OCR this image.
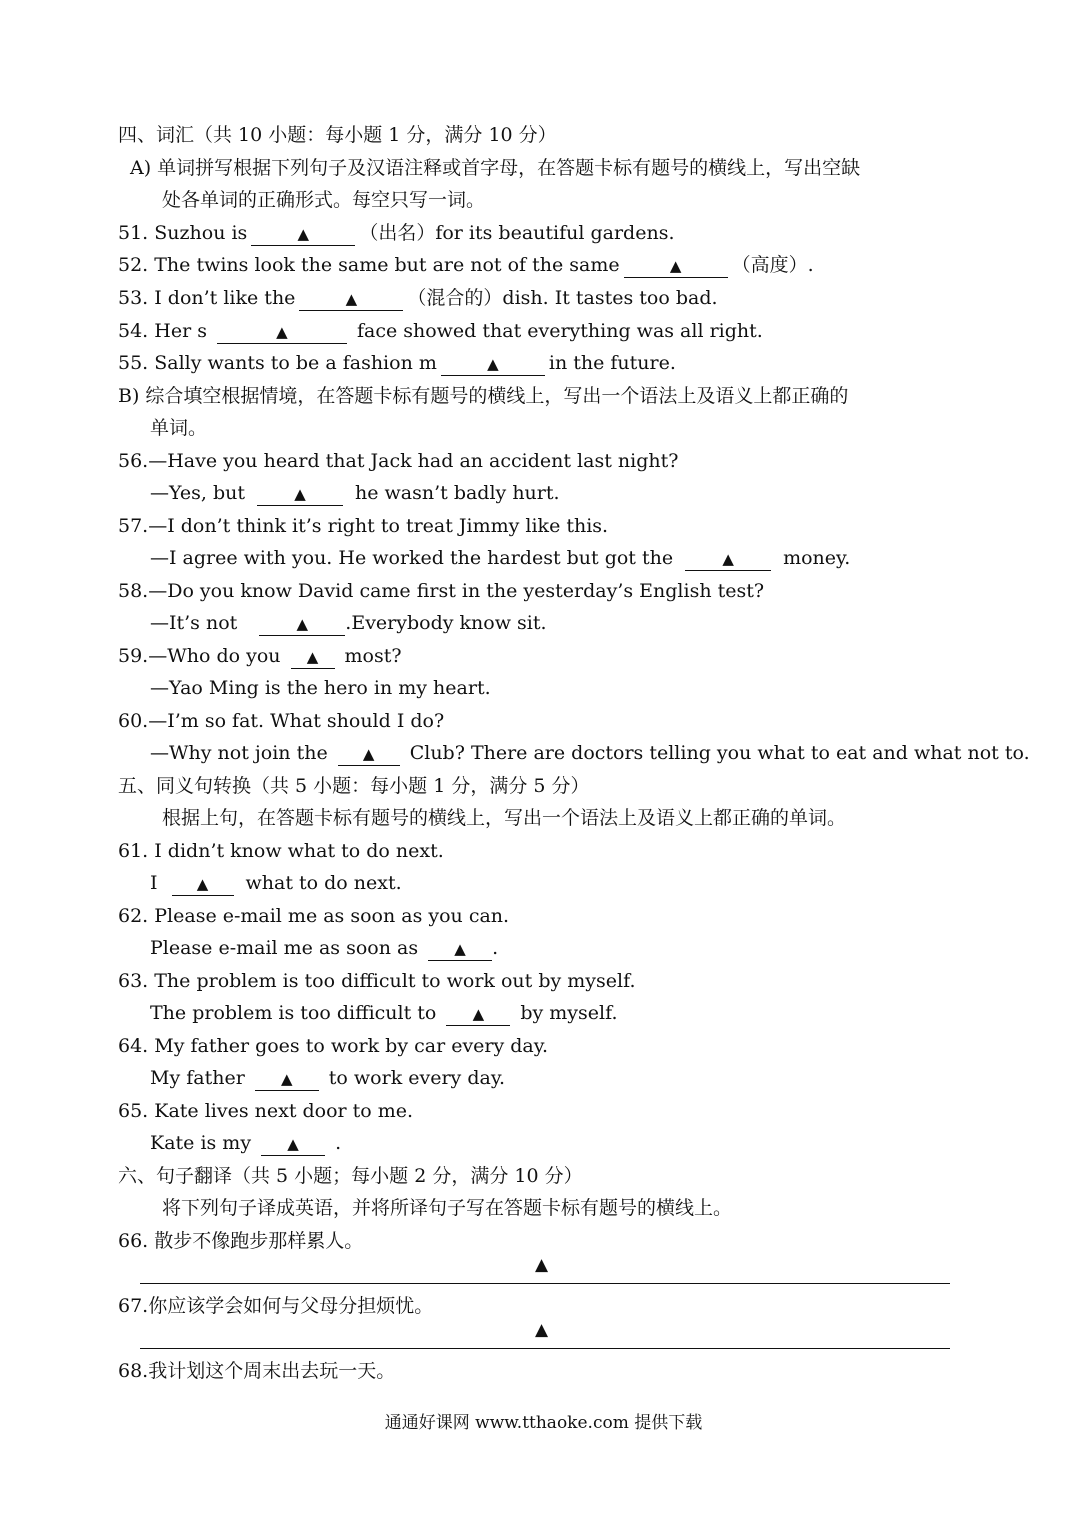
四、词汇（共 10 小题：每小题 1 分，满分 10 分）
A) 单词拼写根据下列句子及汉语注释或首字母，在答题卡标有题号的横线上，写出空缺
处各单词的正确形式。每空只写一词。
51. Suzhou is	▲	（出名）for its beautiful gardens.
52. The twins look the same but are not of the same	▲	（高度）.
53. I don’t like the	▲	（混合的）dish. It tastes too bad.
54. Her s	▲	face showed that everything was all right.
55. Sally wants to be a fashion m	▲	in the future.
B) 综合填空根据情境，在答题卡标有题号的横线上，写出一个语法上及语义上都正确的
单词。
56.—Have you heard that Jack had an accident last night?
—Yes, but	▲	he wasn’t badly hurt.
57.—I don’t think it’s right to treat Jimmy like this.
—I agree with you. He worked the hardest but got the	▲	money.
58.—Do you know David came first in the yesterday’s English test?
—It’s not	▲ .Everybody know sit.
59.—Who do you ▲ most?
—Yao Ming is the hero in my heart.
60.—I’m so fat. What should I do?
—Why not join the ▲ Club? There are doctors telling you what to eat and what not to.
五、同义句转换（共 5 小题：每小题 1 分，满分 5 分）
根据上句，在答题卡标有题号的横线上，写出一个语法上及语义上都正确的单词。
61. I didn’t know what to do next.
I	▲ what to do next.
62. Please e-mail me as soon as you can.
Please e-mail me as soon as ▲ .
63. The problem is too difficult to work out by myself.
The problem is too difficult to ▲ by myself.
64. My father goes to work by car every day.
My father ▲ to work every day.
65. Kate lives next door to me.
Kate is my ▲ .
六、句子翻译（共 5 小题；每小题 2 分，满分 10 分）
将下列句子译成英语，并将所译句子写在答题卡标有题号的横线上。
66. 散步不像跑步那样累人。
▲
67.你应该学会如何与父母分担烦忧。
▲
68.我计划这个周末出去玩一天。
通通好课网 www.tthaoke.com 提供下载
